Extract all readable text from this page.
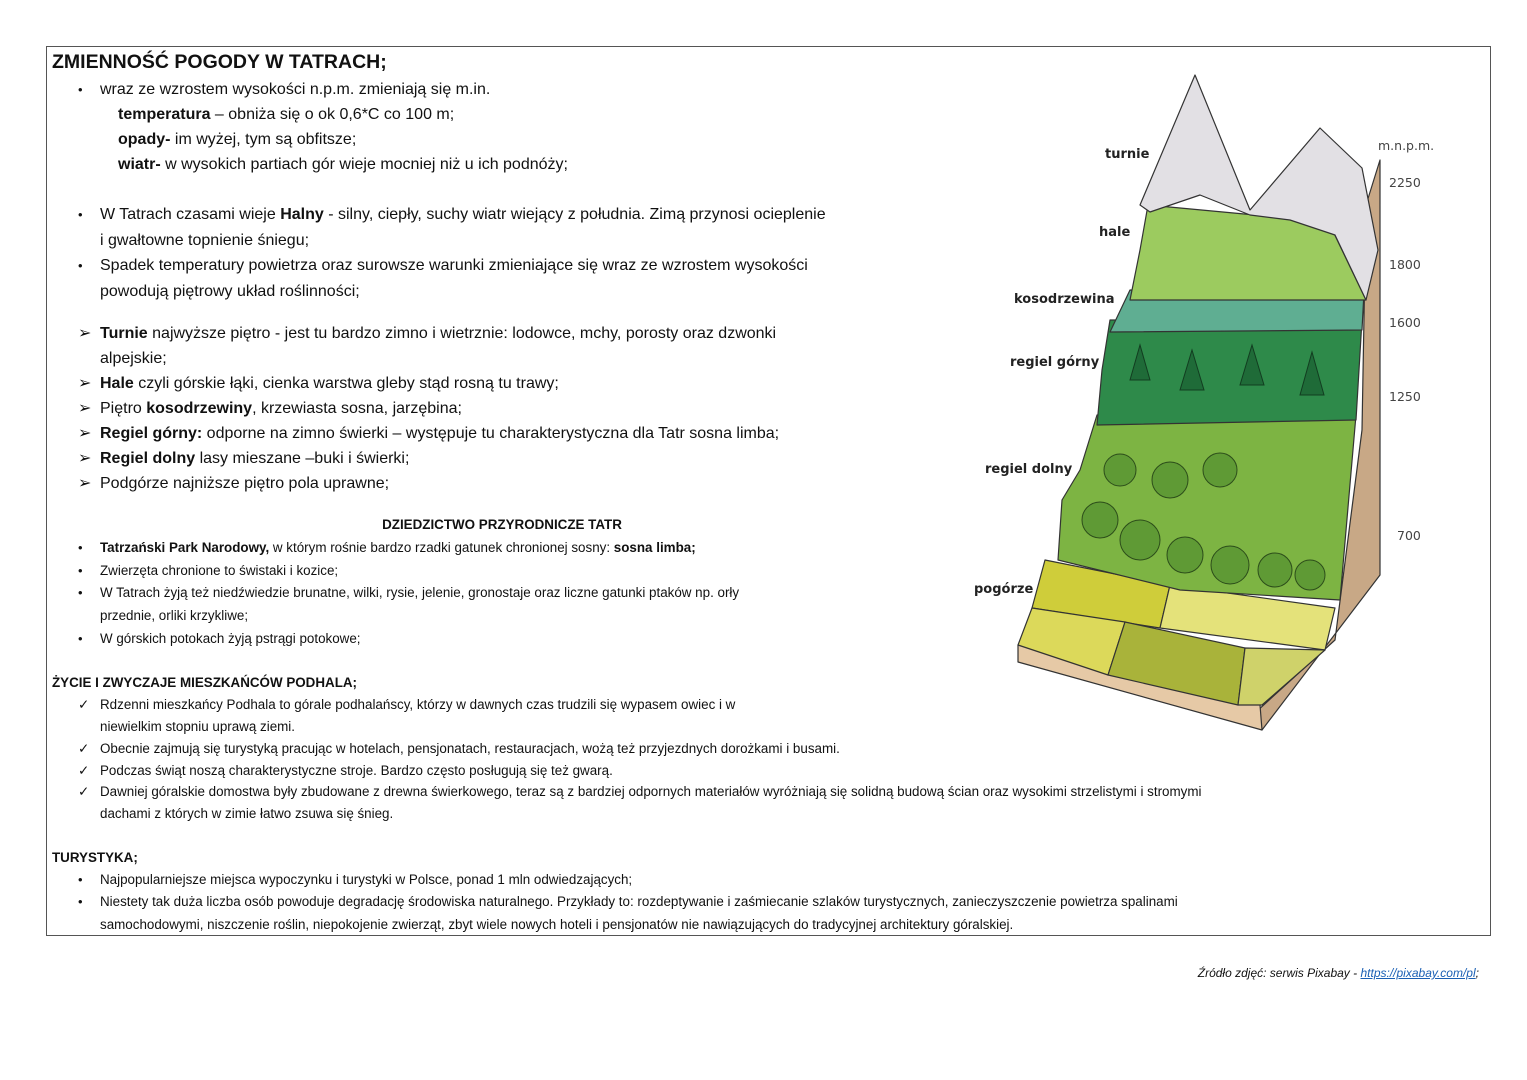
ZMIENNOŚĆ POGODY W TATRACH;
• wraz ze wzrostem wysokości n.p.m. zmieniają się m.in.
temperatura – obniża się o ok 0,6*C co 100 m;
opady- im wyżej, tym są obfitsze;
wiatr- w wysokich partiach gór wieje mocniej niż u ich podnóży;
• W Tatrach czasami wieje Halny - silny, ciepły, suchy wiatr wiejący z południa. Zimą przynosi ocieplenie
i gwałtowne topnienie śniegu;
• Spadek temperatury powietrza oraz surowsze warunki zmieniające się wraz ze wzrostem wysokości
powodują piętrowy układ roślinności;
➢ Turnie najwyższe piętro - jest tu bardzo zimno i wietrznie: lodowce, mchy, porosty oraz dzwonki
alpejskie;
➢ Hale czyli górskie łąki, cienka warstwa gleby stąd rosną tu trawy;
➢ Piętro kosodrzewiny, krzewiasta sosna, jarzębina;
➢ Regiel górny: odporne na zimno świerki – występuje tu charakterystyczna dla Tatr sosna limba;
➢ Regiel dolny lasy mieszane –buki i świerki;
➢ Podgórze najniższe piętro pola uprawne;
DZIEDZICTWO PRZYRODNICZE TATR
• Tatrzański Park Narodowy, w którym rośnie bardzo rzadki gatunek chronionej sosny: sosna limba;
• Zwierzęta chronione to świstaki i kozice;
• W Tatrach żyją też niedźwiedzie brunatne, wilki, rysie, jelenie, gronostaje oraz liczne gatunki ptaków np. orły
przednie, orliki krzykliwe;
• W górskich potokach żyją pstrągi potokowe;
ŻYCIE I ZWYCZAJE MIESZKAŃCÓW PODHALA;
✓ Rdzenni mieszkańcy Podhala to górale podhalańscy, którzy w dawnych czas trudzili się wypasem owiec i w
niewielkim stopniu uprawą ziemi.
✓ Obecnie zajmują się turystyką pracując w hotelach, pensjonatach, restauracjach, wożą też przyjezdnych dorożkami i busami.
✓ Podczas świąt noszą charakterystyczne stroje. Bardzo często posługują się też gwarą.
✓ Dawniej góralskie domostwa były zbudowane z drewna świerkowego, teraz są z bardziej odpornych materiałów wyróżniają się solidną budową ścian oraz wysokimi strzelistymi i stromymi
dachami z których w zimie łatwo zsuwa się śnieg.
TURYSTYKA;
• Najpopularniejsze miejsca wypoczynku i turystyki w Polsce, ponad 1 mln odwiedzających;
• Niestety tak duża liczba osób powoduje degradację środowiska naturalnego. Przykłady to: rozdeptywanie i zaśmiecanie szlaków turystycznych, zanieczyszczenie powietrza spalinami
samochodowymi, niszczenie roślin, niepokojenie zwierząt, zbyt wiele nowych hoteli i pensjonatów nie nawiązujących do tradycyjnej architektury góralskiej.
turnie
hale
kosodrzewina
regiel górny
regiel dolny
pogórze
m.n.p.m.
2250
1800
1600
1250
700
Źródło zdjęć: serwis Pixabay - https://pixabay.com/pl;
